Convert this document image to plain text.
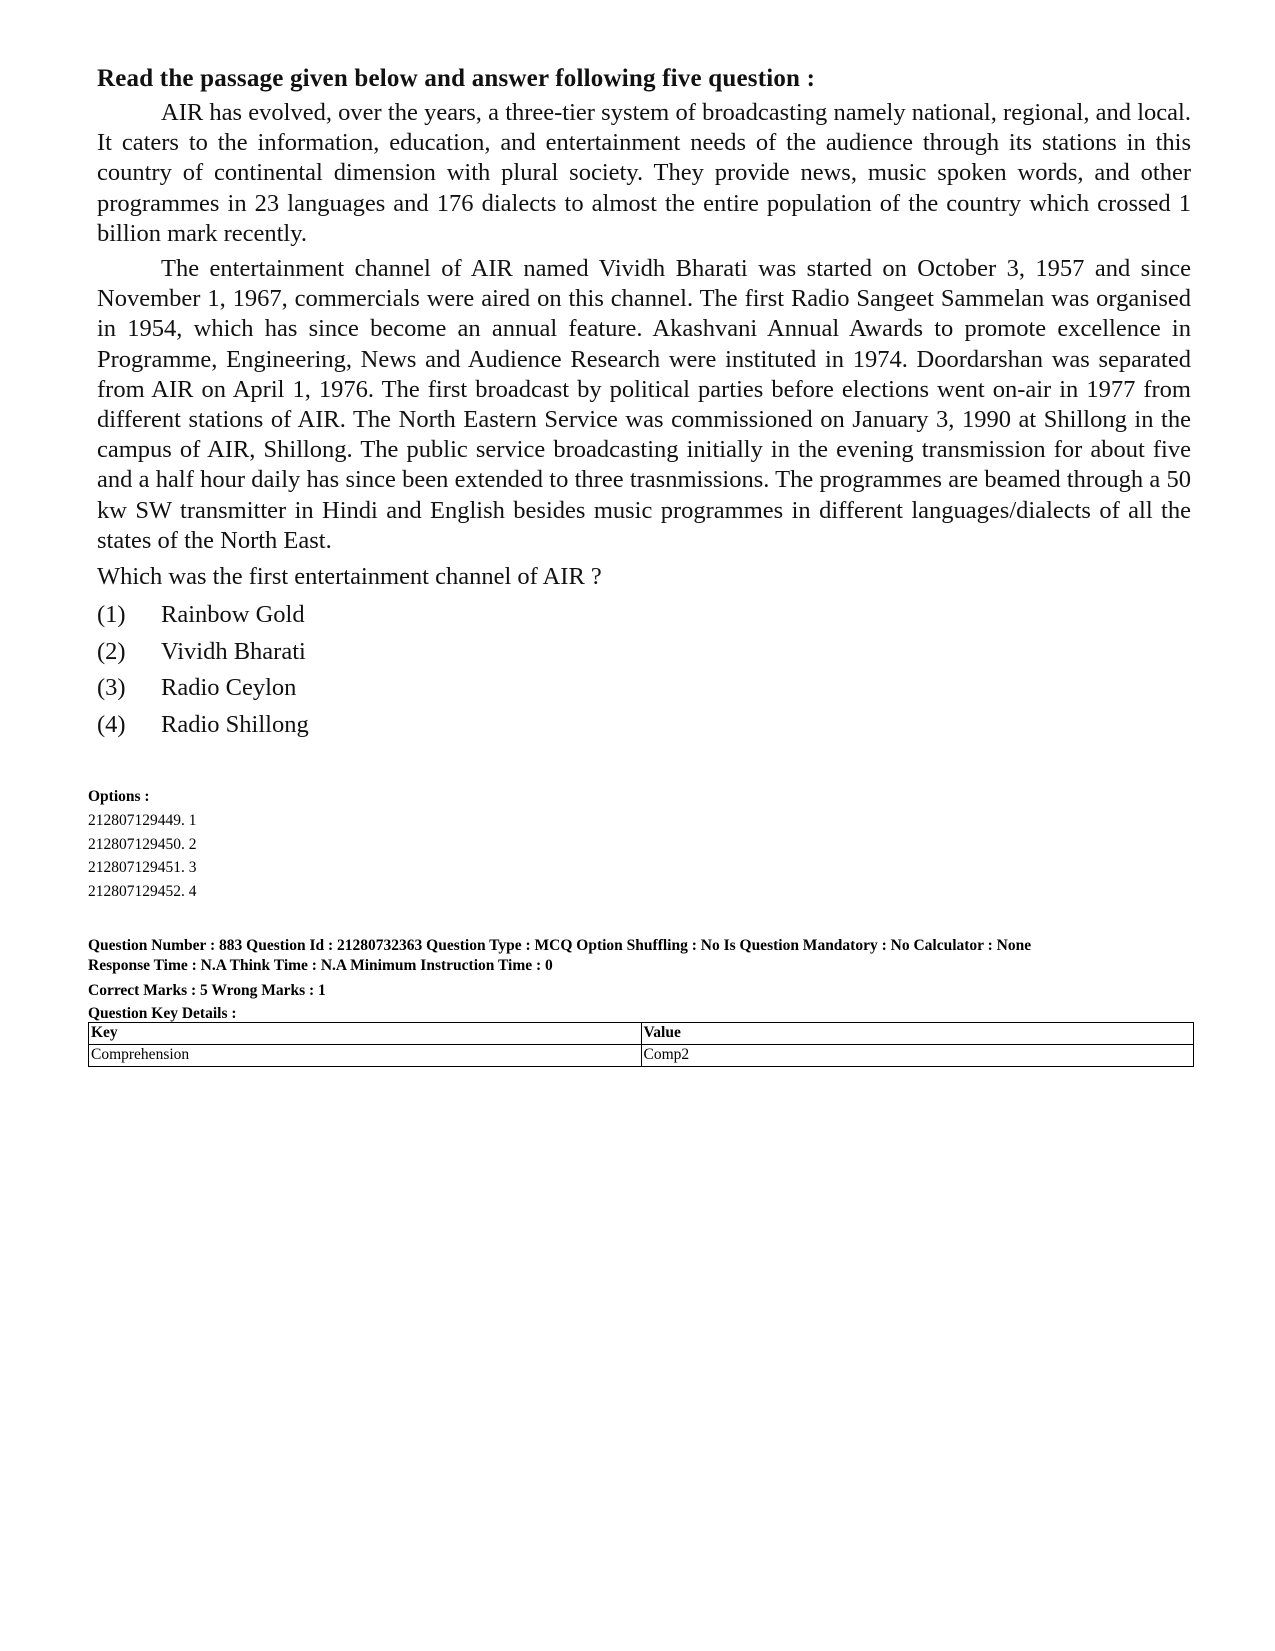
Read the passage given below and answer following five question :

AIR has evolved, over the years, a three-tier system of broadcasting namely national, regional, and local. It caters to the information, education, and entertainment needs of the audience through its stations in this country of continental dimension with plural society. They provide news, music spoken words, and other programmes in 23 languages and 176 dialects to almost the entire population of the country which crossed 1 billion mark recently.

The entertainment channel of AIR named Vividh Bharati was started on October 3, 1957 and since November 1, 1967, commercials were aired on this channel. The first Radio Sangeet Sammelan was organised in 1954, which has since become an annual feature. Akashvani Annual Awards to promote excellence in Programme, Engineering, News and Audience Research were instituted in 1974. Doordarshan was separated from AIR on April 1, 1976. The first broadcast by political parties before elections went on-air in 1977 from different stations of AIR. The North Eastern Service was commissioned on January 3, 1990 at Shillong in the campus of AIR, Shillong. The public service broadcasting initially in the evening transmission for about five and a half hour daily has since been extended to three trasnmissions. The programmes are beamed through a 50 kw SW transmitter in Hindi and English besides music programmes in different languages/dialects of all the states of the North East.

Which was the first entertainment channel of AIR ?
(1)	Rainbow Gold
(2)	Vividh Bharati
(3)	Radio Ceylon
(4)	Radio Shillong
Options :
212807129449. 1
212807129450. 2
212807129451. 3
212807129452. 4
Question Number : 883 Question Id : 21280732363 Question Type : MCQ Option Shuffling : No Is Question Mandatory : No Calculator : None
Response Time : N.A Think Time : N.A Minimum Instruction Time : 0
Correct Marks : 5 Wrong Marks : 1
Question Key Details :
Key	Value
Comprehension	Comp2
